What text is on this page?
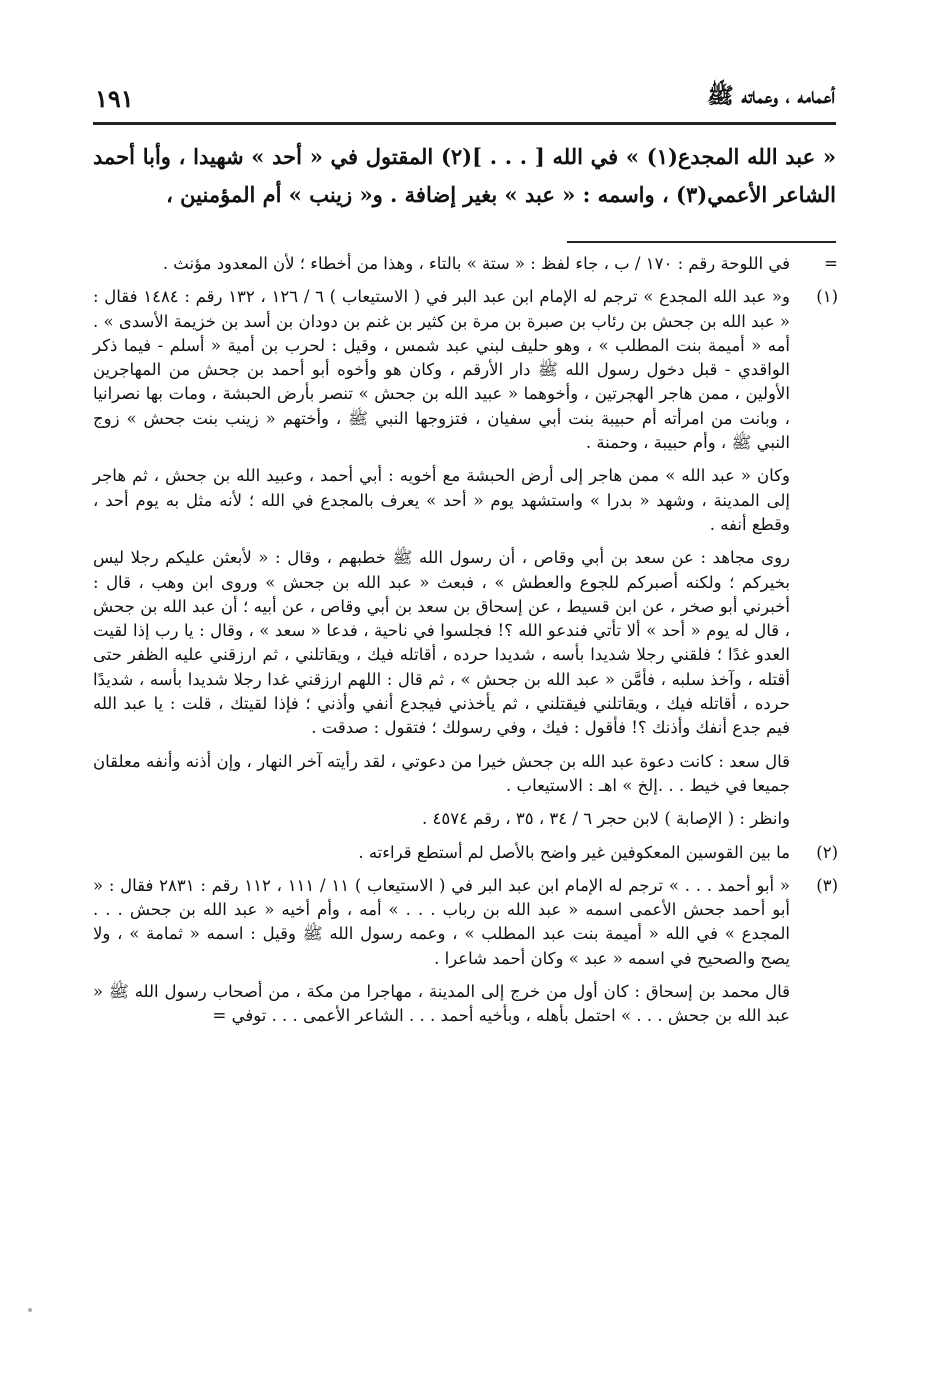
١٩١	أعمامه ، وعماته ﷺ

« عبد الله المجدع(١) » في الله [ . . . ](٢) المقتول في « أحد » شهيدا ، وأبا أحمد الشاعر الأعمي(٣) ، واسمه : « عبد » بغير إضافة . و« زينب » أم المؤمنين ،

=

في اللوحة رقم : ١٧٠ / ب ، جاء لفظ : « ستة » بالتاء ، وهذا من أخطاء ؛ لأن المعدود مؤنث .

(١)

و« عبد الله المجدع » ترجم له الإمام ابن عبد البر في ( الاستيعاب ) ٦ / ١٢٦ ، ١٣٢ رقم : ١٤٨٤ فقال : « عبد الله بن جحش بن رئاب بن صبرة بن مرة بن كثير بن غنم بن دودان بن أسد بن خزيمة الأسدى » . أمه « أميمة بنت المطلب » ، وهو حليف لبني عبد شمس ، وقيل : لحرب بن أمية « أسلم - فيما ذكر الواقدي - قبل دخول رسول الله ﷺ دار الأرقم ، وكان هو وأخوه أبو أحمد بن جحش من المهاجرين الأولين ، ممن هاجر الهجرتين ، وأخوهما « عبيد الله بن جحش » تنصر بأرض الحبشة ، ومات بها نصرانيا ، وبانت من امرأته أم حبيبة بنت أبي سفيان ، فتزوجها النبي ﷺ ، وأختهم « زينب بنت جحش » زوج النبي ﷺ ، وأم حبيبة ، وحمنة .

وكان « عبد الله » ممن هاجر إلى أرض الحبشة مع أخويه : أبي أحمد ، وعبيد الله بن جحش ، ثم هاجر إلى المدينة ، وشهد « بدرا » واستشهد يوم « أحد » يعرف بالمجدع في الله ؛ لأنه مثل به يوم أحد ، وقطع أنفه .

روى مجاهد : عن سعد بن أبي وقاص ، أن رسول الله ﷺ خطبهم ، وقال : « لأبعثن عليكم رجلا ليس بخيركم ؛ ولكنه أصبركم للجوع والعطش » ، فبعث « عبد الله بن جحش » وروى ابن وهب ، قال : أخبرني أبو صخر ، عن ابن قسيط ، عن إسحاق بن سعد بن أبي وقاص ، عن أبيه ؛ أن عبد الله بن جحش ، قال له يوم « أحد » ألا تأتي فندعو الله ؟! فجلسوا في ناحية ، فدعا « سعد » ، وقال : يا رب إذا لقيت العدو غدًا ؛ فلقني رجلا شديدا بأسه ، شديدا حرده ، أقاتله فيك ، ويقاتلني ، ثم ارزقني عليه الظفر حتى أقتله ، وآخذ سلبه ، فأمَّن « عبد الله بن جحش » ، ثم قال : اللهم ارزقني غدا رجلا شديدا بأسه ، شديدًا حرده ، أقاتله فيك ، ويقاتلني فيقتلني ، ثم يأخذني فيجدع أنفي وأذني ؛ فإذا لقيتك ، قلت : يا عبد الله فيم جدع أنفك وأذنك ؟! فأقول : فيك ، وفي رسولك ؛ فتقول : صدقت .

قال سعد : كانت دعوة عبد الله بن جحش خيرا من دعوتي ، لقد رأيته آخر النهار ، وإن أذنه وأنفه معلقان جميعا في خيط . . .إلخ » اهـ : الاستيعاب .

وانظر : ( الإصابة ) لابن حجر ٦ / ٣٤ ، ٣٥ ، رقم ٤٥٧٤ .

(٢)

ما بين القوسين المعكوفين غير واضح بالأصل لم أستطع قراءته .

(٣)

« أبو أحمد . . . » ترجم له الإمام ابن عبد البر في ( الاستيعاب ) ١١ / ١١١ ، ١١٢ رقم : ٢٨٣١ فقال : « أبو أحمد جحش الأعمى اسمه « عبد الله بن رباب . . . » أمه ، وأم أخيه « عبد الله بن جحش . . . المجدع » في الله « أميمة بنت عبد المطلب » ، وعمه رسول الله ﷺ وقيل : اسمه « ثمامة » ، ولا يصح والصحيح في اسمه « عبد » وكان أحمد شاعرا .

قال محمد بن إسحاق : كان أول من خرج إلى المدينة ، مهاجرا من مكة ، من أصحاب رسول الله ﷺ « عبد الله بن جحش . . . » احتمل بأهله ، وبأخيه أحمد . . . الشاعر الأعمى . . . توفي =
